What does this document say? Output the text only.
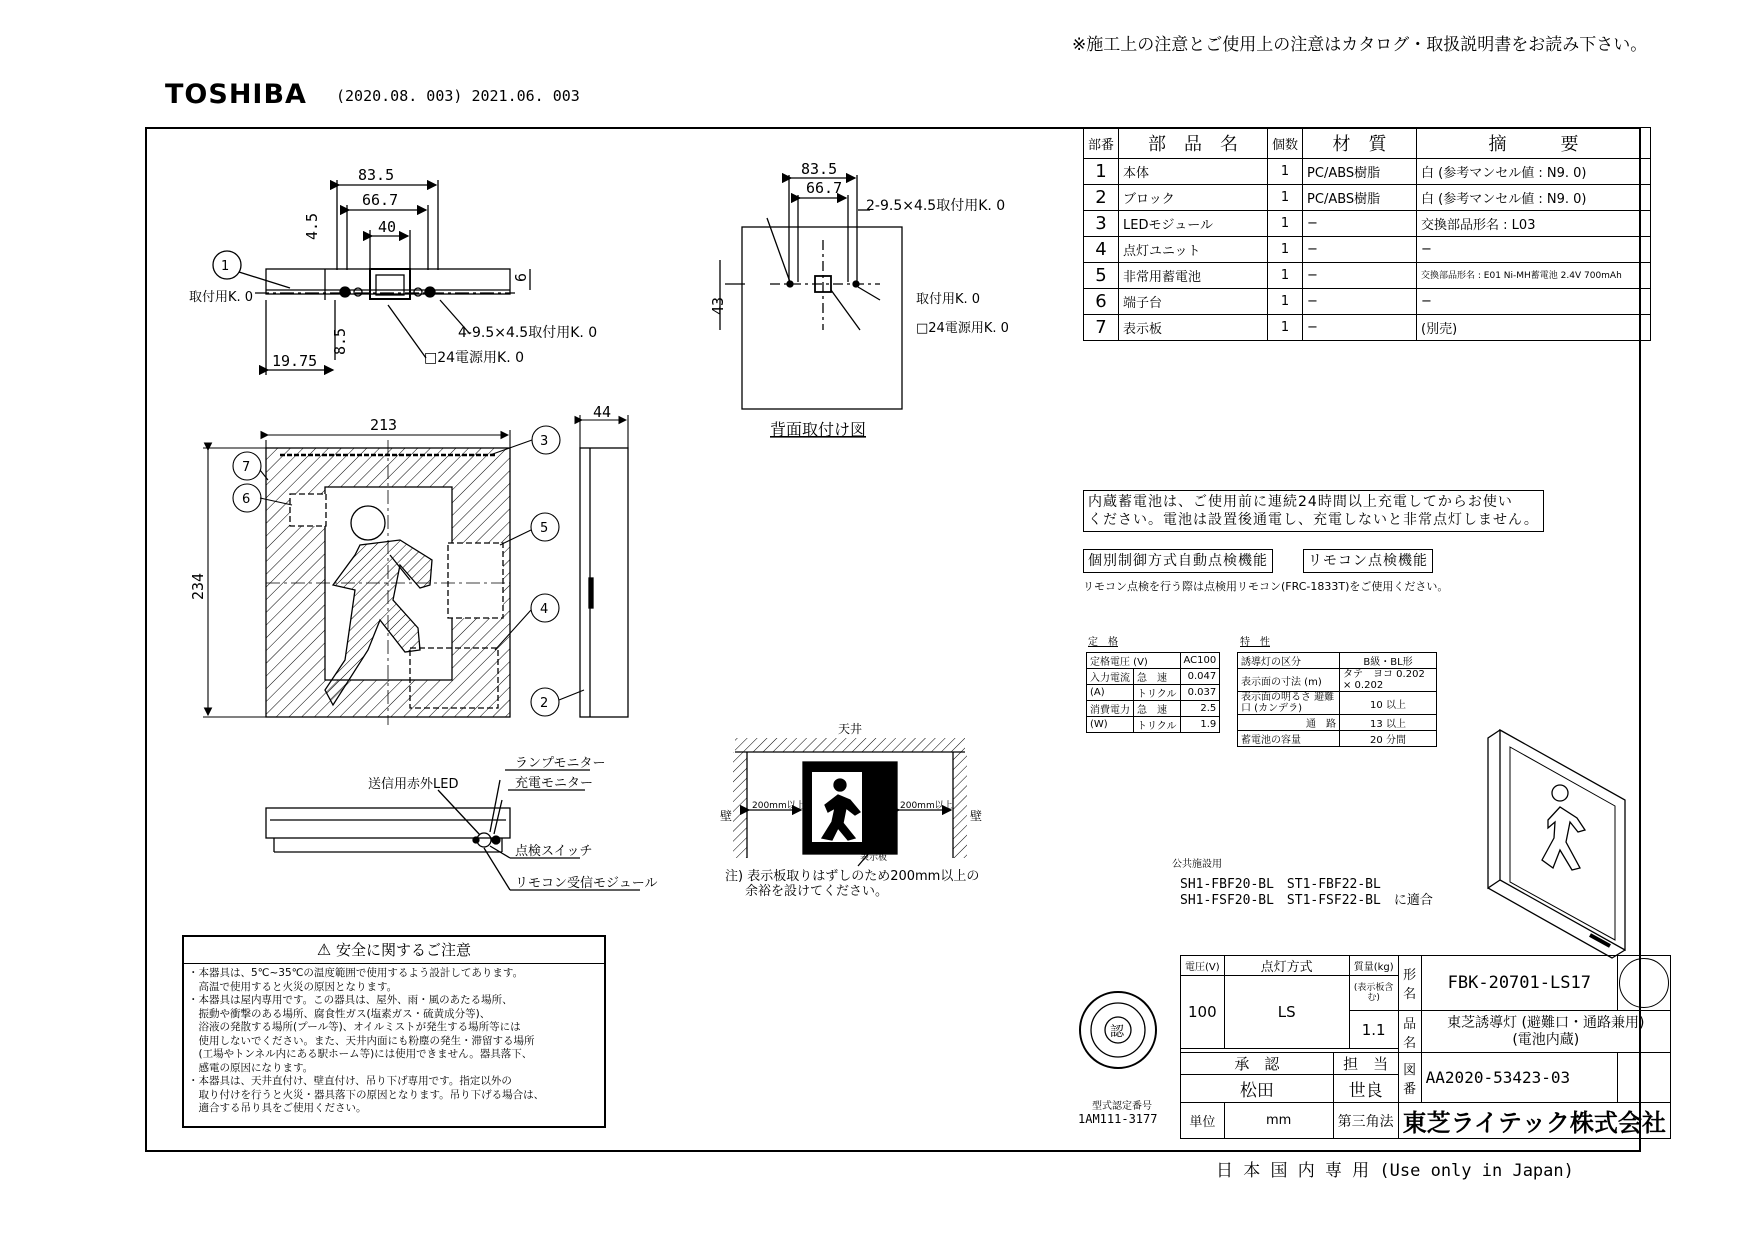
※施工上の注意とご使用上の注意はカタログ・取扱説明書をお読み下さい。
TOSHIBA (2020.08. 003) 2021.06. 003
83.5
66.7
40
4.5
6
8.5
19.75
1
取付用K. 0
4-9.5×4.5取付用K. 0
□24電源用K. 0
83.5
66.7
43
2-9.5×4.5取付用K. 0
取付用K. 0
□24電源用K. 0
背面取付け図
213
234
44
2
3
4
5
6
7
送信用赤外LED
ランプモニター
充電モニター
点検スイッチ
リモコン受信モジュール
天井
壁	壁
200mm以上	200mm以上
表示板
注) 表示板取りはずしのため200mm以上の
余裕を設けてください。
認
部番	部　品　名	個数	材　質	摘　　　要
1	本体	1	PC/ABS樹脂	白 (参考マンセル値 : N9. 0)
2	ブロック	1	PC/ABS樹脂	白 (参考マンセル値 : N9. 0)
3	LEDモジュール	1	−	交換部品形名 : L03
4	点灯ユニット	1	−	−
5	非常用蓄電池	1	−	交換部品形名 : E01 Ni-MH蓄電池 2.4V 700mAh
6	端子台	1	−	−
7	表示板	1	−	(別売)
内蔵蓄電池は、ご使用前に連続24時間以上充電してからお使い
ください。電池は設置後通電し、充電しないと非常点灯しません。
個別制御方式自動点検機能	リモコン点検機能
リモコン点検を行う際は点検用リモコン(FRC-1833T)をご使用ください。
定　格
定格電圧 (V)		AC100
入力電流	急　速	0.047
(A)	トリクル	0.037
消費電力	急　速	2.5
(W)	トリクル	1.9
特　性
誘導灯の区分	B級・BL形
表示面の寸法 (m)	タテ　ヨコ 0.202 × 0.202
表示面の明るさ 避難口 (カンデラ)	10 以上
通　路	13 以上
蓄電池の容量	20 分間
公共施設用
SH1-FBF20-BL　ST1-FBF22-BL
SH1-FSF20-BL　ST1-FSF22-BL　に適合
⚠ 安全に関するご注意
・本器具は、5℃~35℃の温度範囲で使用するよう設計してあります。
　高温で使用すると火災の原因となります。
・本器具は屋内専用です。この器具は、屋外、雨・風のあたる場所、
　振動や衝撃のある場所、腐食性ガス(塩素ガス・硫黄成分等)、
　浴液の発散する場所(プール等)、オイルミストが発生する場所等には
　使用しないでください。また、天井内面にも粉塵の発生・滞留する場所
　(工場やトンネル内にある駅ホーム等)には使用できません。器具落下、
　感電の原因になります。
・本器具は、天井直付け、壁直付け、吊り下げ専用です。指定以外の
　取り付けを行うと火災・器具落下の原因となります。吊り下げる場合は、
　適合する吊り具をご使用ください。	型式認定番号
1AM111-3177
電圧(V)	点灯方式		質量(kg)	形名	FBK-20701-LS17	

100	LS		(表示板含む)			
			1.1	品名	東芝誘導灯 (避難口・通路兼用)
(電池内蔵)	

承　認		担　当		図番	AA2020-53423-03	
松田		世良				
単位	mm	第三角法		東芝ライテック株式会社		
日 本 国 内 専 用 (Use only in Japan)
